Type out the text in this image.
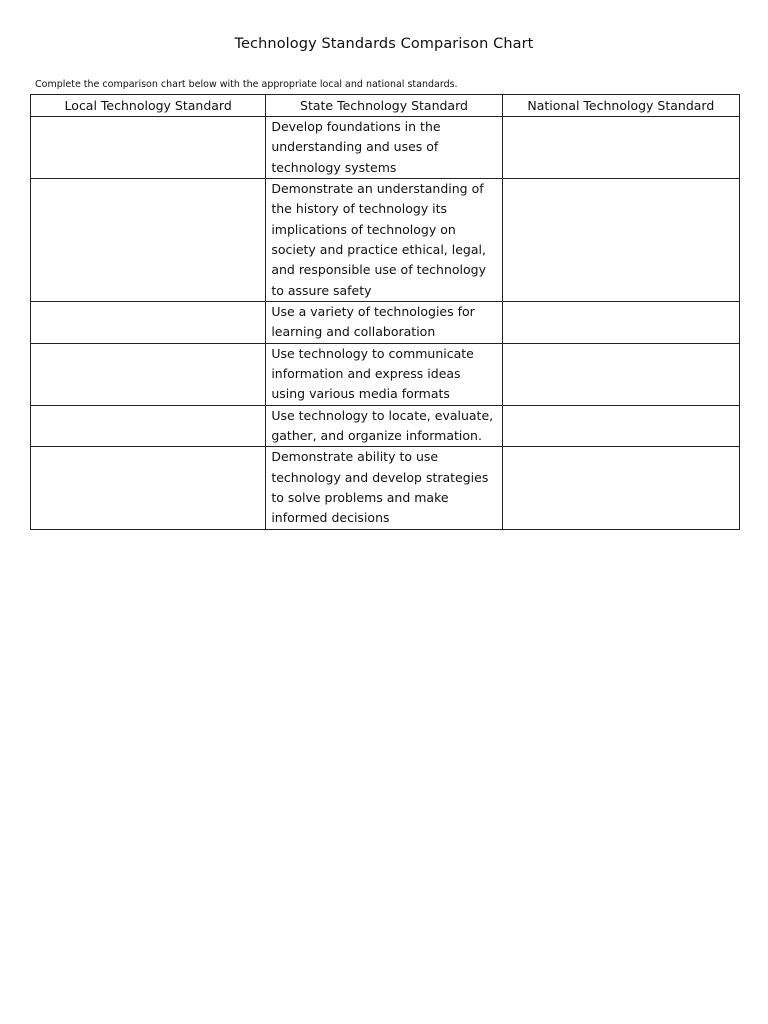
Technology Standards Comparison Chart
Complete the comparison chart below with the appropriate local and national standards.
Local Technology Standard	State Technology Standard	National Technology Standard
	Develop foundations in the understanding and uses of technology systems	
	Demonstrate an understanding of the history of technology its implications of technology on society and practice ethical, legal, and responsible use of technology to assure safety	
	Use a variety of technologies for learning and collaboration	
	Use technology to communicate information and express ideas using various media formats	
	Use technology to locate, evaluate, gather, and organize information.	
	Demonstrate ability to use technology and develop strategies to solve problems and make informed decisions	
